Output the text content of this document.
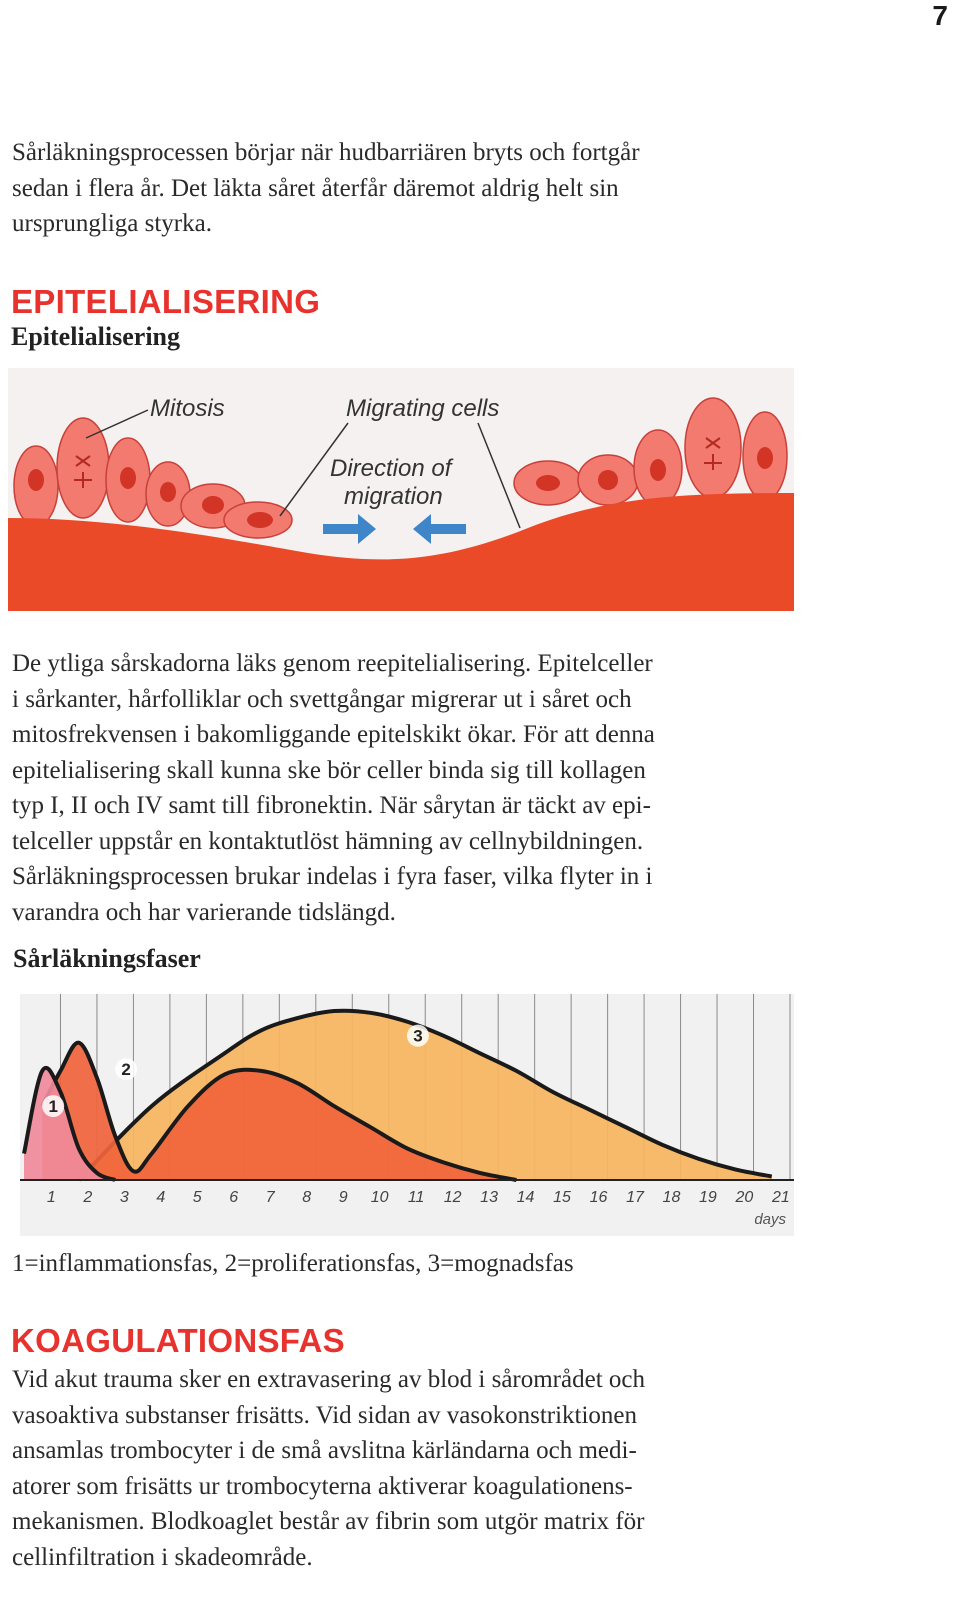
7
Sårläkningsprocessen börjar när hudbarriären bryts och fortgår
sedan i flera år. Det läkta såret återfår däremot aldrig helt sin
ursprungliga styrka.
EPITELIALISERING
Epitelialisering
Mitosis	Migrating cells
Direction of
migration
De ytliga sårskadorna läks genom reepitelialisering. Epitelceller
i sårkanter, hårfolliklar och svettgångar migrerar ut i såret och
mitosfrekvensen i bakomliggande epitelskikt ökar. För att denna
epitelialisering skall kunna ske bör celler binda sig till kollagen
typ I, II och IV samt till fibronektin. När sårytan är täckt av epi-
telceller uppstår en kontaktutlöst hämning av cellnybildningen.
Sårläkningsprocessen brukar indelas i fyra faser, vilka flyter in i
varandra och har varierande tidslängd.
Sårläkningsfaser
1
2
3
1 2 3 4 5 6 7 8 9 10 11 12 13 14 15 16 17 18 19 20 21
days
1=inflammationsfas, 2=proliferationsfas, 3=mognadsfas
KOAGULATIONSFAS
Vid akut trauma sker en extravasering av blod i sårområdet och
vasoaktiva substanser frisätts. Vid sidan av vasokonstriktionen
ansamlas trombocyter i de små avslitna kärländarna och medi-
atorer som frisätts ur trombocyterna aktiverar koagulationens-
mekanismen. Blodkoaglet består av fibrin som utgör matrix för
cellinfiltration i skadeområde.
